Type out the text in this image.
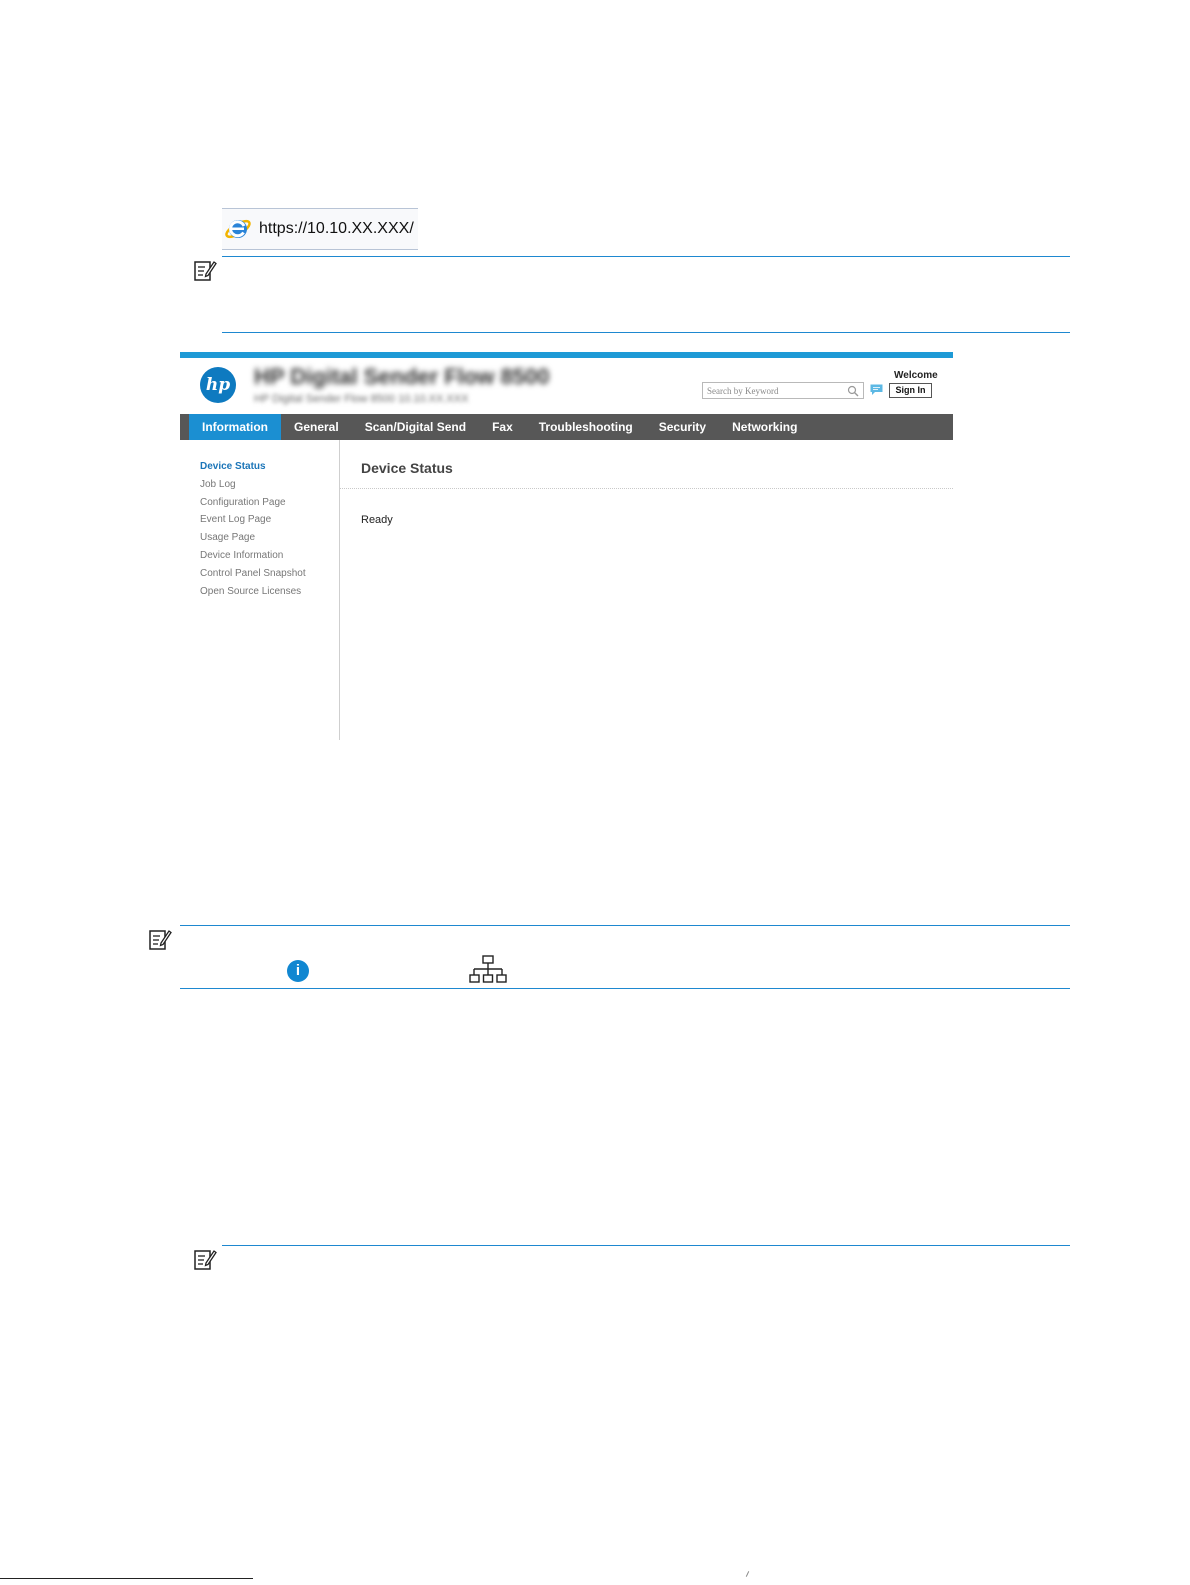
https://10.10.XX.XXX/
hp HP Digital Sender Flow 8500
HP Digital Sender Flow 8500 10.10.XX.XXX
Welcome
Search by Keyword
Sign In
Information	General	Scan/Digital Send	Fax	Troubleshooting	Security	Networking
Device Status
Job Log
Configuration Page
Event Log Page
Usage Page
Device Information
Control Panel Snapshot
Open Source Licenses
Device Status
Ready
i
